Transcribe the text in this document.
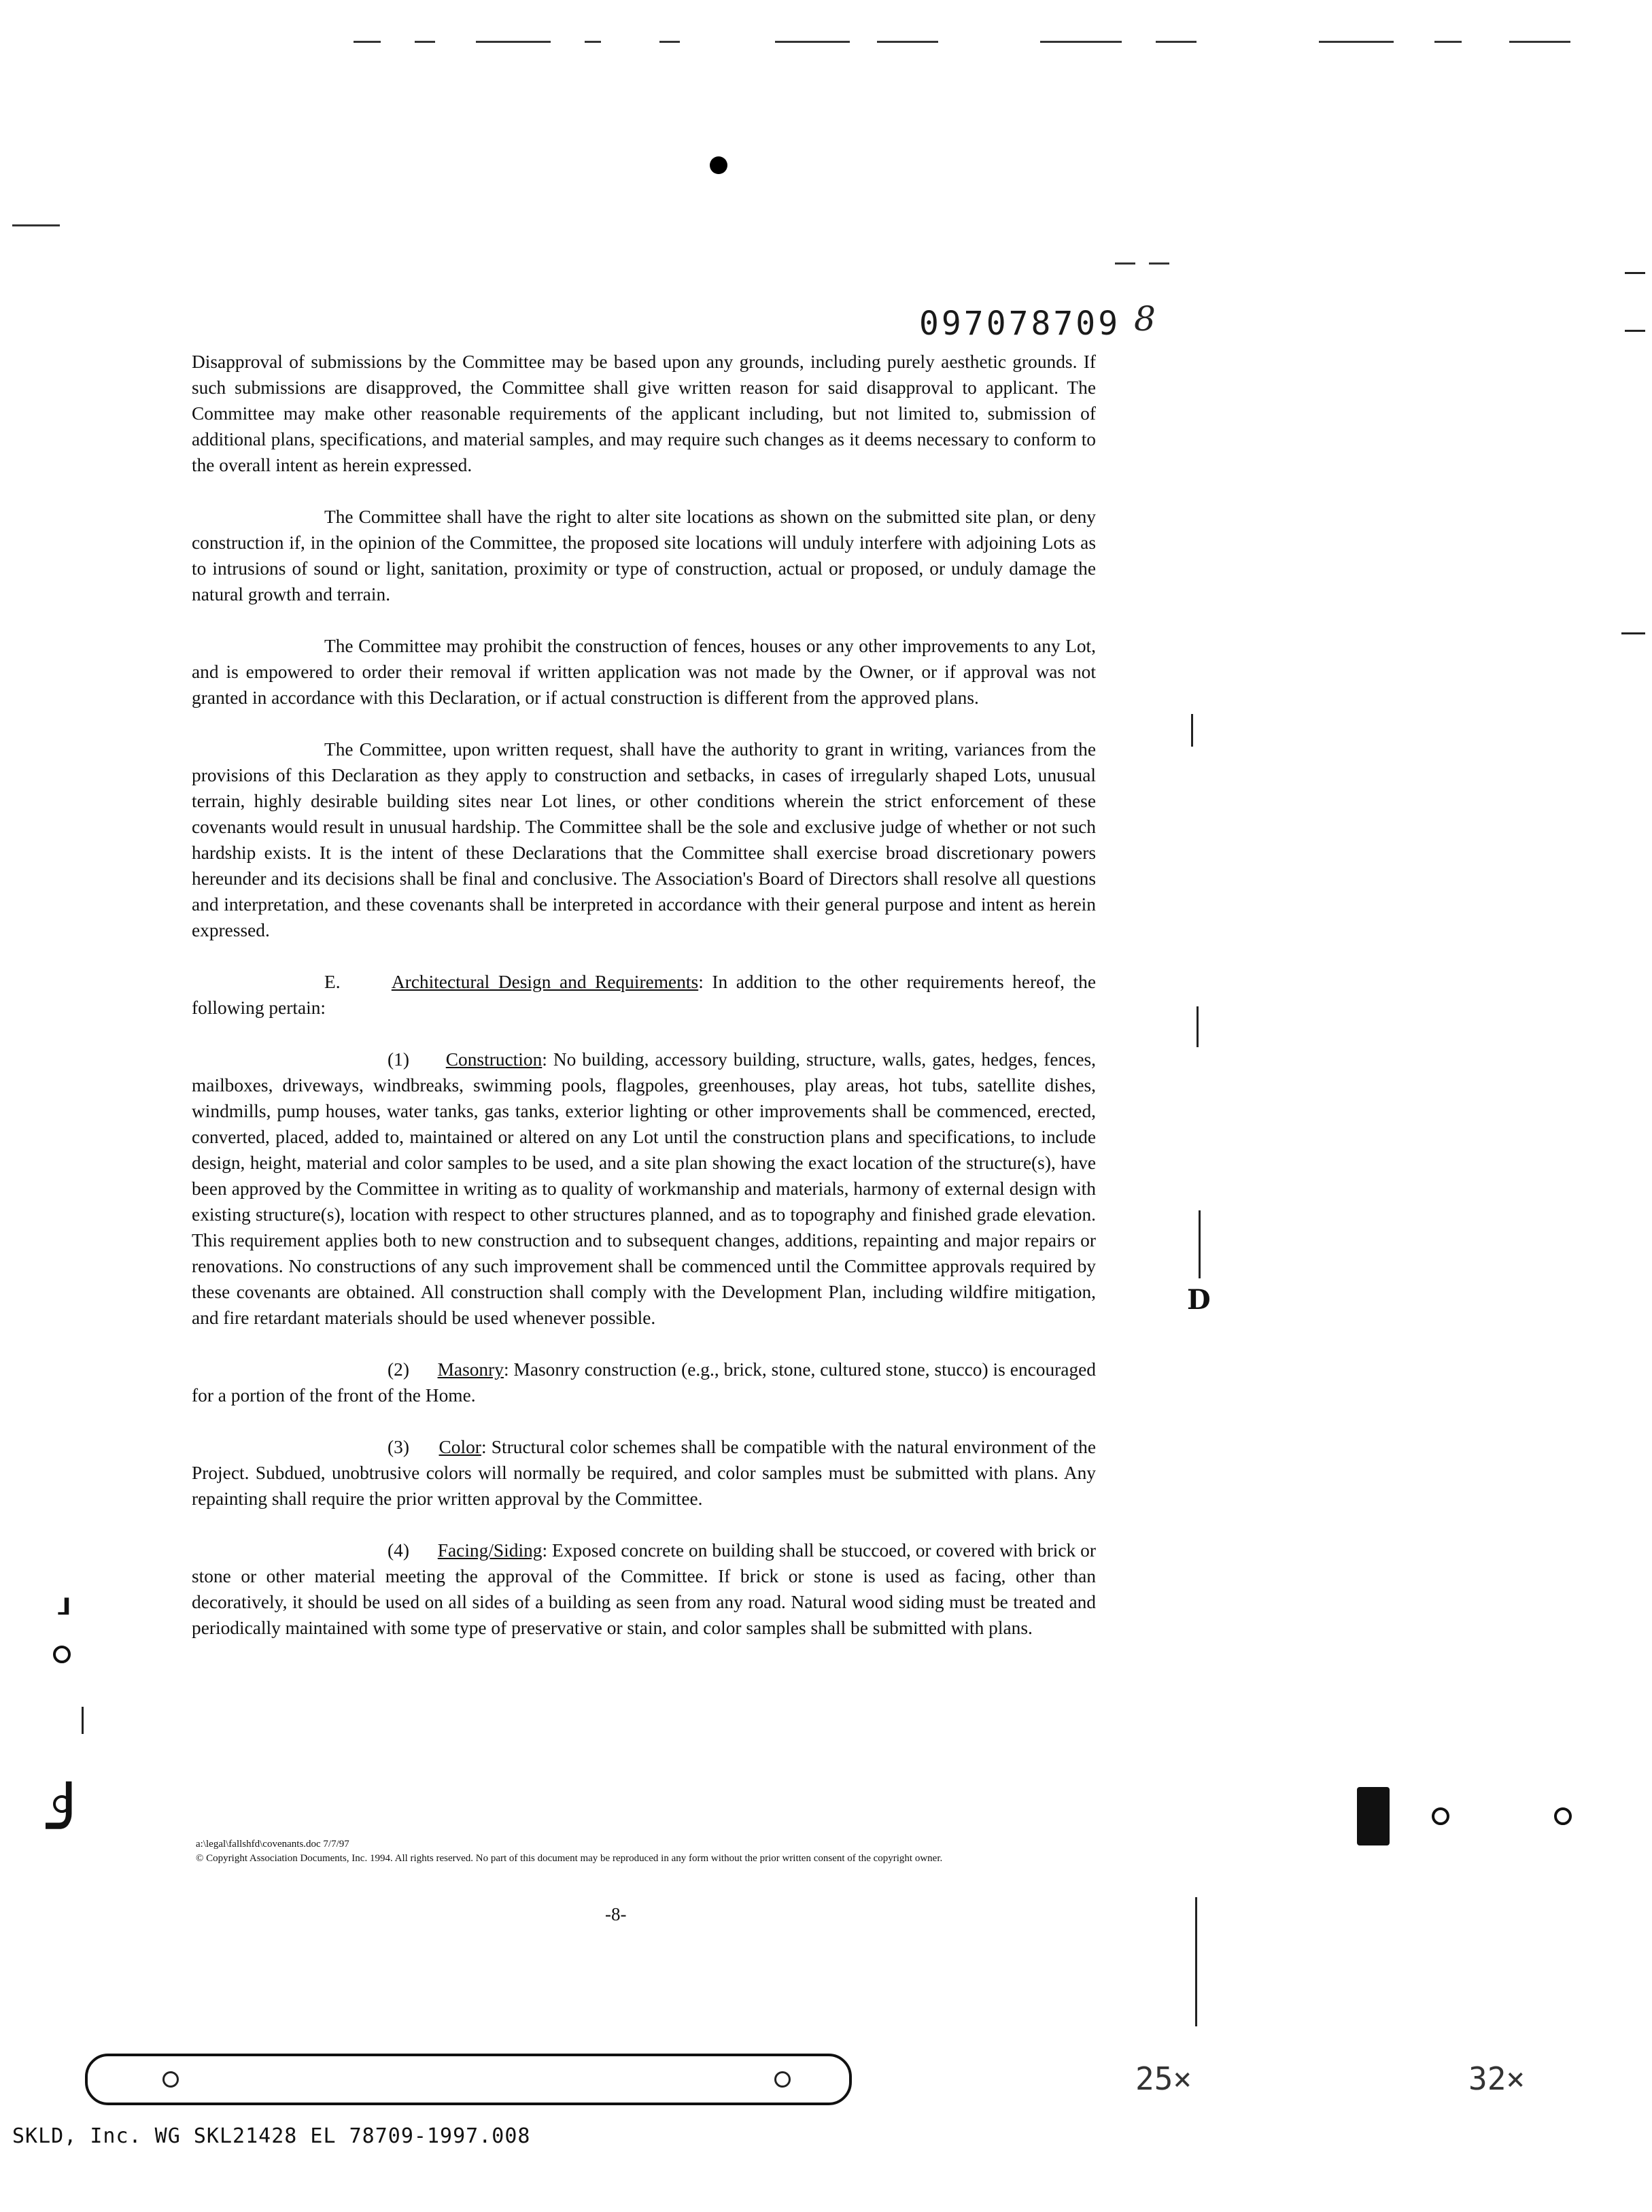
097078709 8
D

Disapproval of submissions by the Committee may be based upon any grounds, including purely aesthetic grounds. If such submissions are disapproved, the Committee shall give written reason for said disapproval to applicant. The Committee may make other reasonable requirements of the applicant including, but not limited to, submission of additional plans, specifications, and material samples, and may require such changes as it deems necessary to conform to the overall intent as herein expressed.

The Committee shall have the right to alter site locations as shown on the submitted site plan, or deny construction if, in the opinion of the Committee, the proposed site locations will unduly interfere with adjoining Lots as to intrusions of sound or light, sanitation, proximity or type of construction, actual or proposed, or unduly damage the natural growth and terrain.

The Committee may prohibit the construction of fences, houses or any other improvements to any Lot, and is empowered to order their removal if written application was not made by the Owner, or if approval was not granted in accordance with this Declaration, or if actual construction is different from the approved plans.

The Committee, upon written request, shall have the authority to grant in writing, variances from the provisions of this Declaration as they apply to construction and setbacks, in cases of irregularly shaped Lots, unusual terrain, highly desirable building sites near Lot lines, or other conditions wherein the strict enforcement of these covenants would result in unusual hardship. The Committee shall be the sole and exclusive judge of whether or not such hardship exists. It is the intent of these Declarations that the Committee shall exercise broad discretionary powers hereunder and its decisions shall be final and conclusive. The Association's Board of Directors shall resolve all questions and interpretation, and these covenants shall be interpreted in accordance with their general purpose and intent as herein expressed.

E.	Architectural Design and Requirements: In addition to the other requirements hereof, the following pertain:

(1) Construction: No building, accessory building, structure, walls, gates, hedges, fences, mailboxes, driveways, windbreaks, swimming pools, flagpoles, greenhouses, play areas, hot tubs, satellite dishes, windmills, pump houses, water tanks, gas tanks, exterior lighting or other improvements shall be commenced, erected, converted, placed, added to, maintained or altered on any Lot until the construction plans and specifications, to include design, height, material and color samples to be used, and a site plan showing the exact location of the structure(s), have been approved by the Committee in writing as to quality of workmanship and materials, harmony of external design with existing structure(s), location with respect to other structures planned, and as to topography and finished grade elevation. This requirement applies both to new construction and to subsequent changes, additions, repainting and major repairs or renovations. No constructions of any such improvement shall be commenced until the Committee approvals required by these covenants are obtained. All construction shall comply with the Development Plan, including wildfire mitigation, and fire retardant materials should be used whenever possible.

(2) Masonry: Masonry construction (e.g., brick, stone, cultured stone, stucco) is encouraged for a portion of the front of the Home.

(3) Color: Structural color schemes shall be compatible with the natural environment of the Project. Subdued, unobtrusive colors will normally be required, and color samples must be submitted with plans. Any repainting shall require the prior written approval by the Committee.

(4) Facing/Siding: Exposed concrete on building shall be stuccoed, or covered with brick or stone or other material meeting the approval of the Committee. If brick or stone is used as facing, other than decoratively, it should be used on all sides of a building as seen from any road. Natural wood siding must be treated and periodically maintained with some type of preservative or stain, and color samples shall be submitted with plans.

a:\legal\fallshfd\covenants.doc 7/7/97
© Copyright Association Documents, Inc. 1994. All rights reserved. No part of this document may be reproduced in any form without the prior written consent of the copyright owner.
-8-
⸥
╯
25×	32×
SKLD, Inc. WG SKL21428 EL 78709-1997.008
